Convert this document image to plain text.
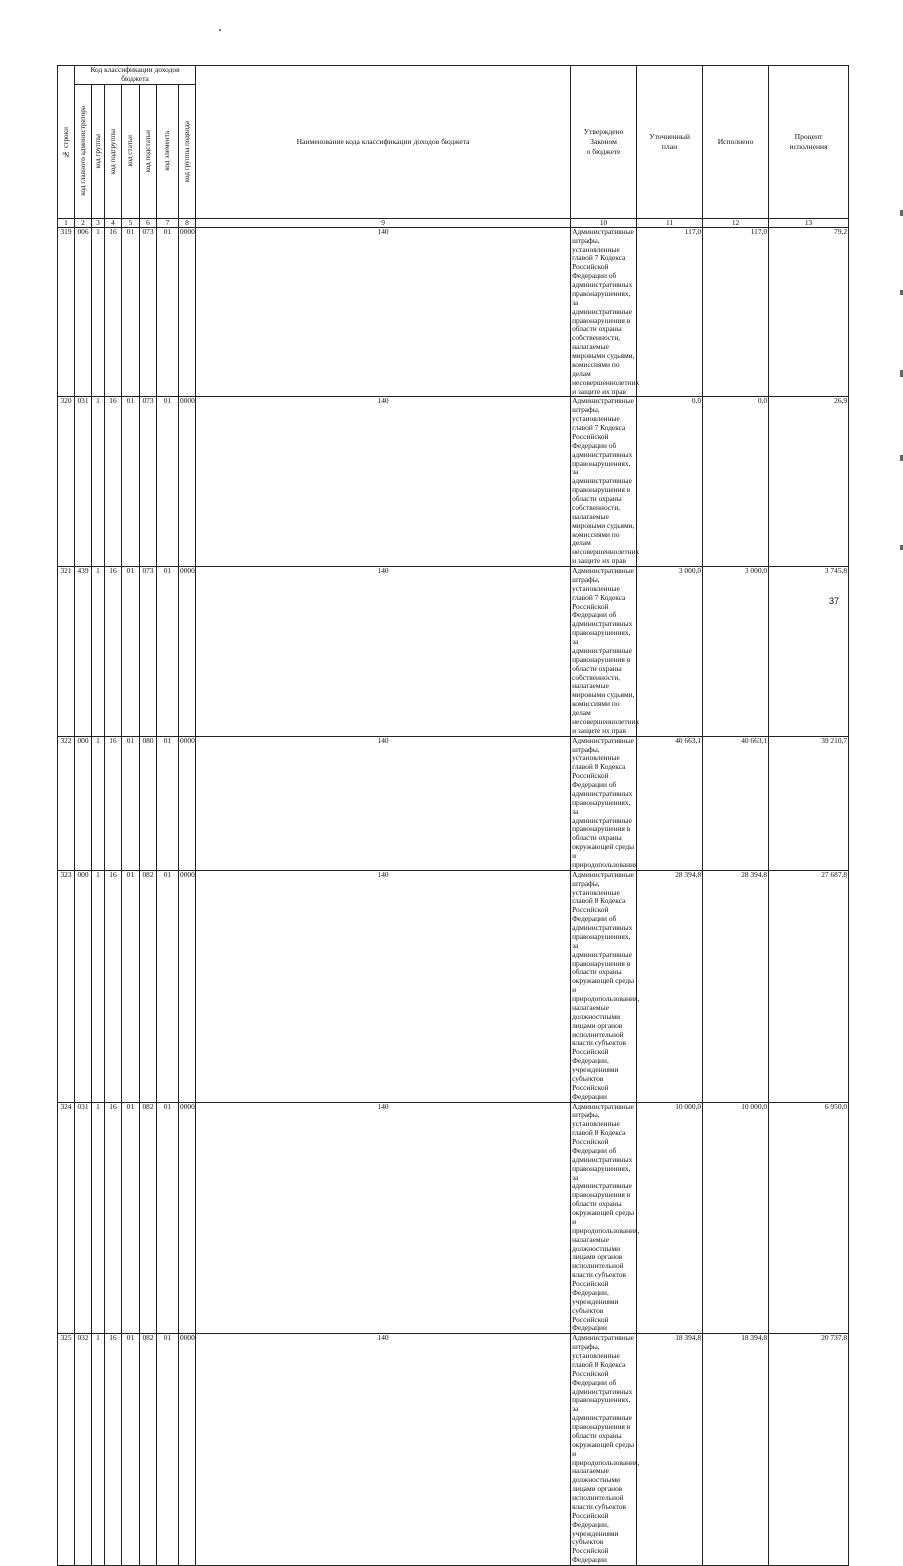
№ строки	Код классификации доходов бюджета							Наименование кода классификации доходов бюджета	Утверждено
Законом
о бюджете	Уточненный
план	Исполнено	Процент
исполнения	

	код главного администратора	код группы	код подгруппы	код статьи	код подстатьи	код элемента	код группы подвида

1	2	3	4	5	6	7	8	9	10	11	12	13	
319	006	1	16	01	073	01	0000	140	Административные штрафы, установленные главой 7 Кодекса Российской Федерации об административных правонарушениях, за административные правонарушения в области охраны собственности, налагаемые мировыми судьями, комиссиями по делам несовершеннолетних и защите их прав	117,0	117,0	79,2	
320	031	1	16	01	073	01	0000	140	Административные штрафы, установленные главой 7 Кодекса Российской Федерации об административных правонарушениях, за административные правонарушения в области охраны собственности, налагаемые мировыми судьями, комиссиями по делам несовершеннолетних и защите их прав	0,0	0,0	26,9	
321	439	1	16	01	073	01	0000	140	Административные штрафы, установленные главой 7 Кодекса Российской Федерации об административных правонарушениях, за административные правонарушения в области охраны собственности, налагаемые мировыми судьями, комиссиями по делам несовершеннолетних и защите их прав	3 000,0	3 000,0	3 745,8	
322	000	1	16	01	080	01	0000	140	Административные штрафы, установленные главой 8 Кодекса Российской Федерации об административных правонарушениях, за административные правонарушения в области охраны окружающей среды и природопользования	40 663,1	40 663,1	39 210,7	
323	000	1	16	01	082	01	0000	140	Административные штрафы, установленные главой 8 Кодекса Российской Федерации об административных правонарушениях, за административные правонарушения в области охраны окружающей среды и природопользования, налагаемые должностными лицами органов исполнительной власти субъектов Российской Федерации, учреждениями субъектов Российской Федерации	28 394,8	28 394,8	27 687,8	
324	031	1	16	01	082	01	0000	140	Административные штрафы, установленные главой 8 Кодекса Российской Федерации об административных правонарушениях, за административные правонарушения в области охраны окружающей среды и природопользования, налагаемые должностными лицами органов исполнительной власти субъектов Российской Федерации, учреждениями субъектов Российской Федерации	10 000,0	10 000,0	6 950,0	
325	032	1	16	01	082	01	0000	140	Административные штрафы, установленные главой 8 Кодекса Российской Федерации об административных правонарушениях, за административные правонарушения в области охраны окружающей среды и природопользования, налагаемые должностными лицами органов исполнительной власти субъектов Российской Федерации, учреждениями субъектов Российской Федерации	18 394,8	18 394,8	20 737,8	
37
